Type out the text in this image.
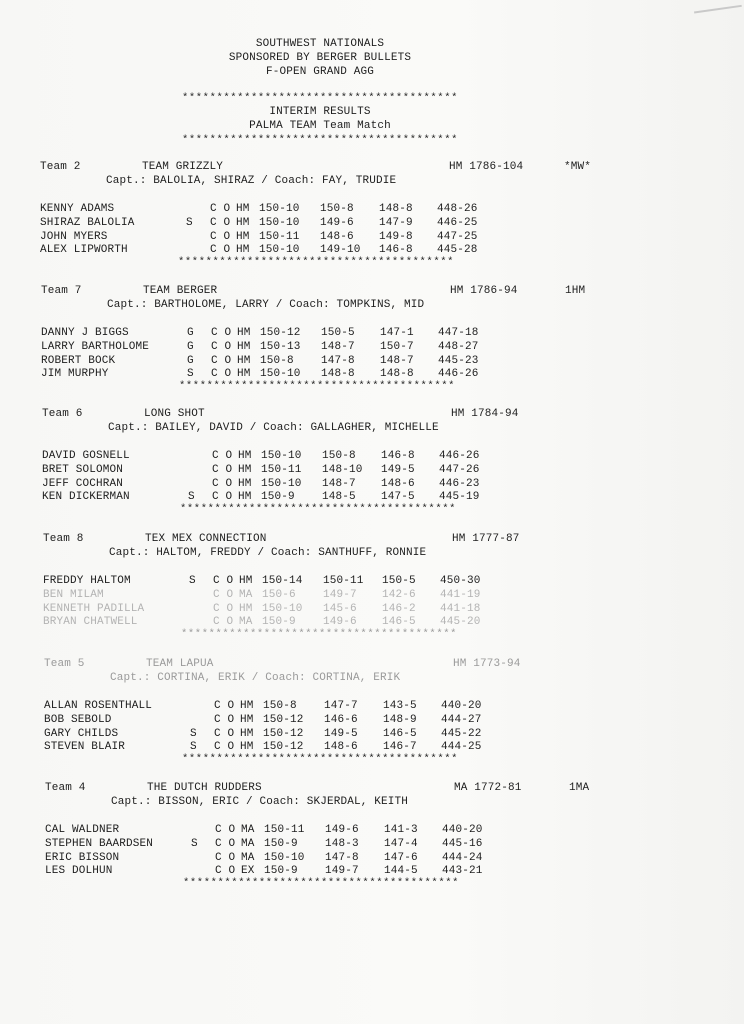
SOUTHWEST NATIONALS
SPONSORED BY BERGER BULLETS
F-OPEN GRAND AGG
****************************************
INTERIM RESULTS
PALMA TEAM Team Match
****************************************
Team 2	TEAM GRIZZLY	HM 1786-104	*MW*
Capt.: BALOLIA, SHIRAZ / Coach: FAY, TRUDIE
KENNY ADAMS	C O HM 150-10 150-8 148-8 448-26
SHIRAZ BALOLIA	S C O HM 150-10 149-6 147-9 446-25
JOHN MYERS	C O HM 150-11 148-6 149-8 447-25
ALEX LIPWORTH	C O HM 150-10 149-10 146-8 445-28
****************************************
Team 7	TEAM BERGER	HM 1786-94	1HM
Capt.: BARTHOLOME, LARRY / Coach: TOMPKINS, MID
DANNY J BIGGS	G C O HM 150-12 150-5 147-1 447-18
LARRY BARTHOLOME	G C O HM 150-13 148-7 150-7 448-27
ROBERT BOCK	G C O HM 150-8 147-8 148-7 445-23
JIM MURPHY	S C O HM 150-10 148-8 148-8 446-26
****************************************
Team 6	LONG SHOT	HM 1784-94
Capt.: BAILEY, DAVID / Coach: GALLAGHER, MICHELLE
DAVID GOSNELL	C O HM 150-10 150-8 146-8 446-26
BRET SOLOMON	C O HM 150-11 148-10 149-5 447-26
JEFF COCHRAN	C O HM 150-10 148-7 148-6 446-23
KEN DICKERMAN	S C O HM 150-9 148-5 147-5 445-19
****************************************
Team 8	TEX MEX CONNECTION	HM 1777-87
Capt.: HALTOM, FREDDY / Coach: SANTHUFF, RONNIE
FREDDY HALTOM	S C O HM 150-14 150-11 150-5 450-30
BEN MILAM	C O MA 150-6 149-7 142-6 441-19
KENNETH PADILLA	C O HM 150-10 145-6 146-2 441-18
BRYAN CHATWELL	C O MA 150-9 149-6 146-5 445-20
****************************************
Team 5	TEAM LAPUA	HM 1773-94
Capt.: CORTINA, ERIK / Coach: CORTINA, ERIK
ALLAN ROSENTHALL	C O HM 150-8 147-7 143-5 440-20
BOB SEBOLD	C O HM 150-12 146-6 148-9 444-27
GARY CHILDS	S C O HM 150-12 149-5 146-5 445-22
STEVEN BLAIR	S C O HM 150-12 148-6 146-7 444-25
****************************************
Team 4	THE DUTCH RUDDERS	MA 1772-81	1MA
Capt.: BISSON, ERIC / Coach: SKJERDAL, KEITH
CAL WALDNER	C O MA 150-11 149-6 141-3 440-20
STEPHEN BAARDSEN	S C O MA 150-9 148-3 147-4 445-16
ERIC BISSON	C O MA 150-10 147-8 147-6 444-24
LES DOLHUN	C O EX 150-9 149-7 144-5 443-21
****************************************
